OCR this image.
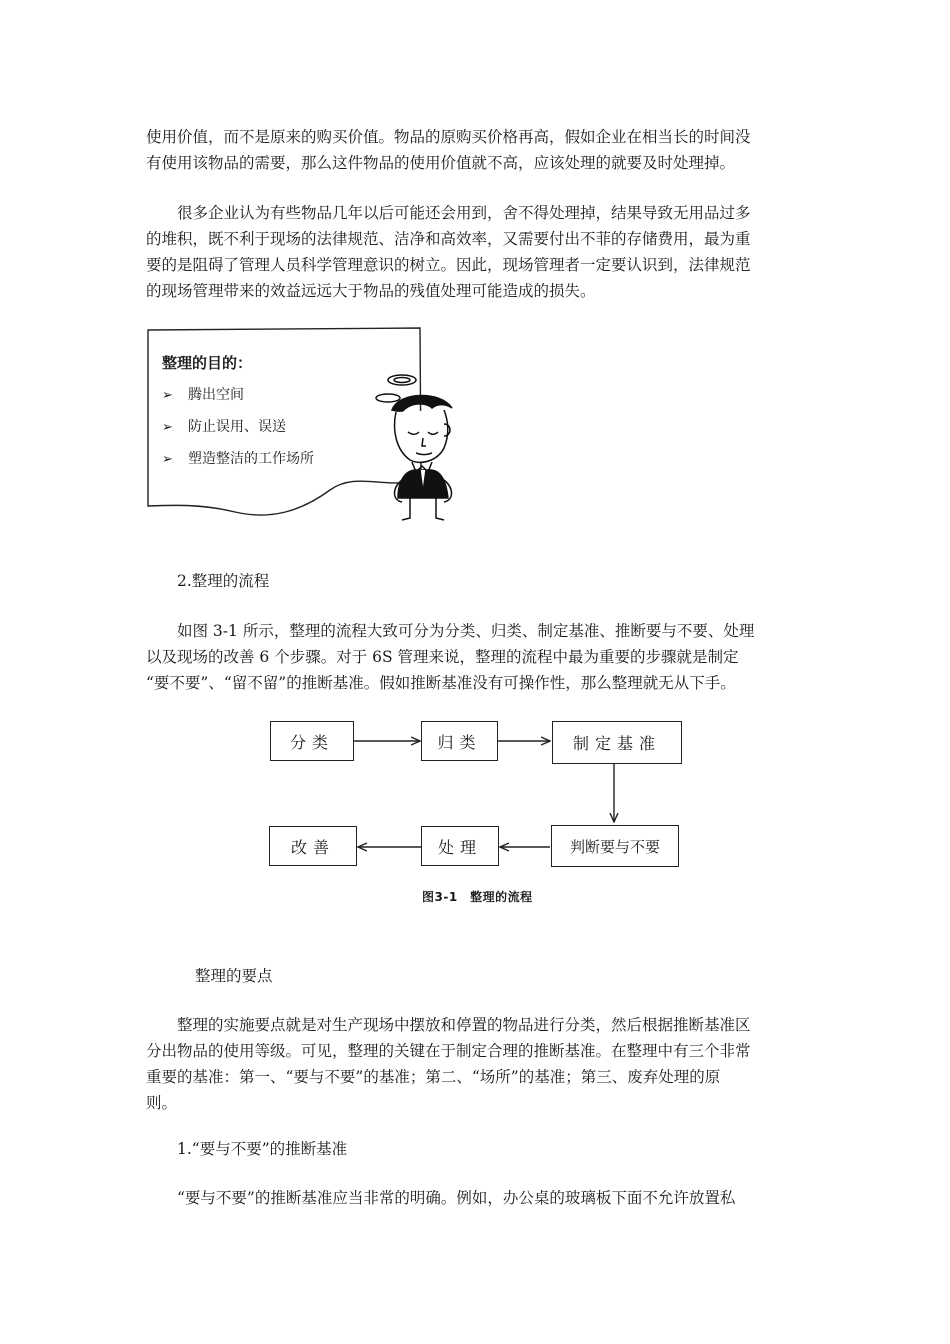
使用价值，而不是原来的购买价值。物品的原购买价格再高，假如企业在相当长的时间没
有使用该物品的需要，那么这件物品的使用价值就不高，应该处理的就要及时处理掉。
　　很多企业认为有些物品几年以后可能还会用到，舍不得处理掉，结果导致无用品过多
的堆积，既不利于现场的法律规范、洁净和高效率，又需要付出不菲的存储费用，最为重
要的是阻碍了管理人员科学管理意识的树立。因此，现场管理者一定要认识到，法律规范
的现场管理带来的效益远远大于物品的残值处理可能造成的损失。
整理的目的：
➢ 腾出空间
➢ 防止误用、误送
➢ 塑造整洁的工作场所
2.整理的流程
　　如图 3-1 所示，整理的流程大致可分为分类、归类、制定基准、推断要与不要、处理
以及现场的改善 6 个步骤。对于 6S 管理来说，整理的流程中最为重要的步骤就是制定
“要不要”、“留不留”的推断基准。假如推断基准没有可操作性，那么整理就无从下手。
分类	归类	制定基准
判断要与不要
处理
改善
图3-1　整理的流程
整理的要点
　　整理的实施要点就是对生产现场中摆放和停置的物品进行分类，然后根据推断基准区
分出物品的使用等级。可见，整理的关键在于制定合理的推断基准。在整理中有三个非常
重要的基准：第一、“要与不要”的基准；第二、“场所”的基准；第三、废弃处理的原
则。
1.“要与不要”的推断基准
“要与不要”的推断基准应当非常的明确。例如，办公桌的玻璃板下面不允许放置私
